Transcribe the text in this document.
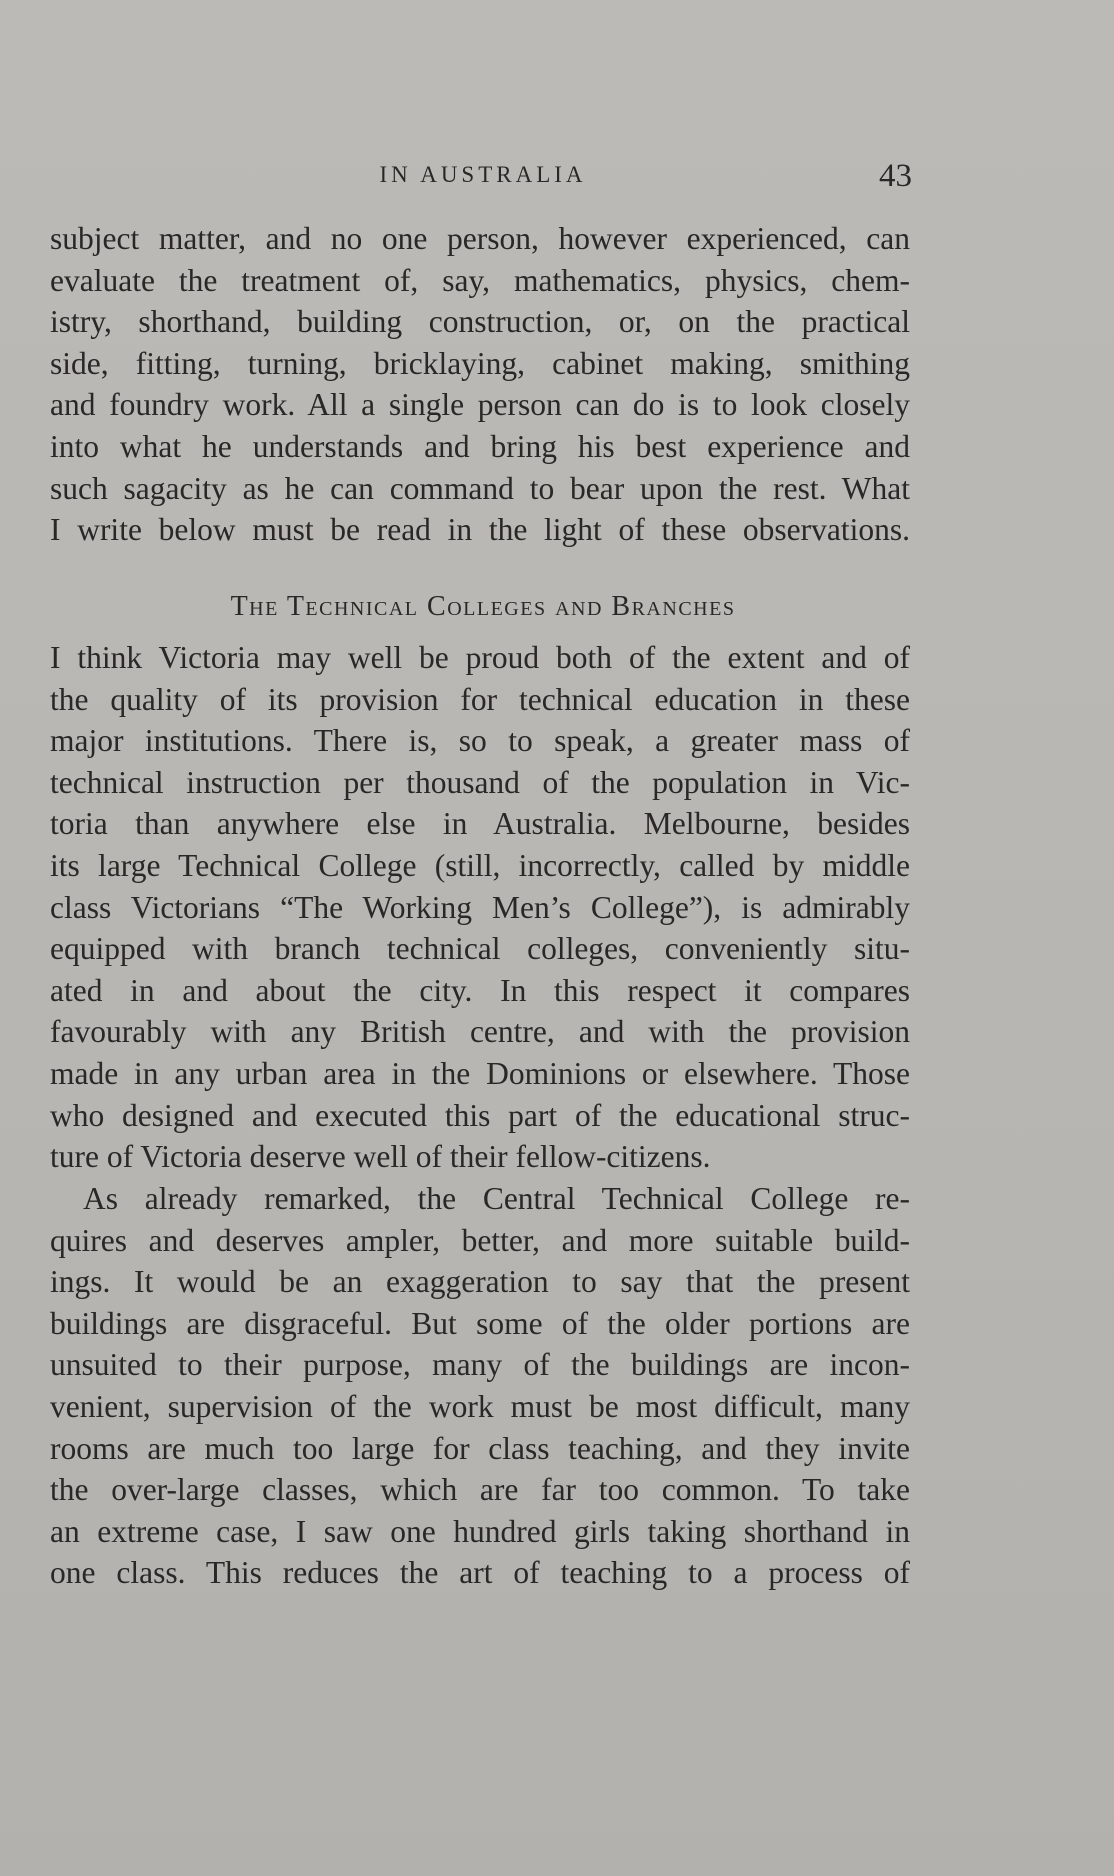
IN AUSTRALIA	43

subject matter, and no one person, however experienced, can
evaluate the treatment of, say, mathematics, physics, chem-
istry, shorthand, building construction, or, on the practical
side, fitting, turning, bricklaying, cabinet making, smithing
and foundry work. All a single person can do is to look closely
into what he understands and bring his best experience and
such sagacity as he can command to bear upon the rest. What
I write below must be read in the light of these observations.

The Technical Colleges and Branches

I think Victoria may well be proud both of the extent and of
the quality of its provision for technical education in these
major institutions. There is, so to speak, a greater mass of
technical instruction per thousand of the population in Vic-
toria than anywhere else in Australia. Melbourne, besides
its large Technical College (still, incorrectly, called by middle
class Victorians “The Working Men’s College”), is admirably
equipped with branch technical colleges, conveniently situ-
ated in and about the city. In this respect it compares
favourably with any British centre, and with the provision
made in any urban area in the Dominions or elsewhere. Those
who designed and executed this part of the educational struc-
ture of Victoria deserve well of their fellow-citizens.

As already remarked, the Central Technical College re-
quires and deserves ampler, better, and more suitable build-
ings. It would be an exaggeration to say that the present
buildings are disgraceful. But some of the older portions are
unsuited to their purpose, many of the buildings are incon-
venient, supervision of the work must be most difficult, many
rooms are much too large for class teaching, and they invite
the over-large classes, which are far too common. To take
an extreme case, I saw one hundred girls taking shorthand in
one class. This reduces the art of teaching to a process of
